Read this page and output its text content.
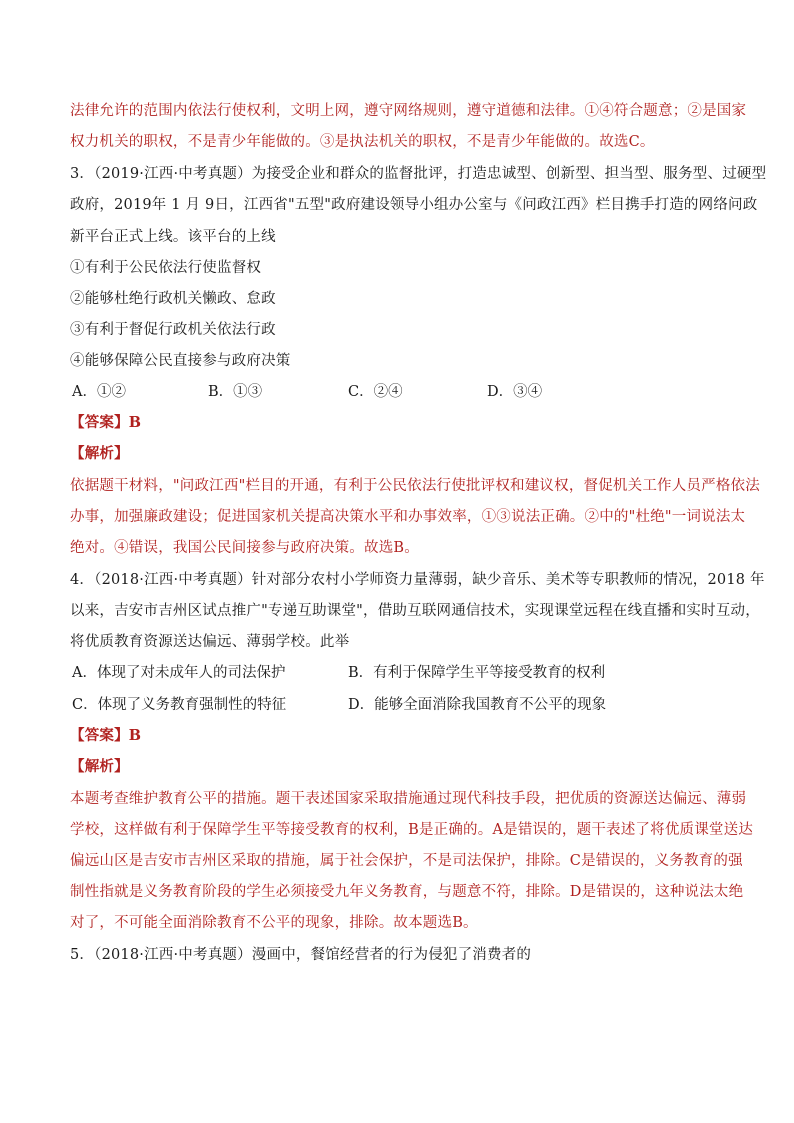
法律允许的范围内依法行使权利，文明上网，遵守网络规则，遵守道德和法律。①④符合题意；②是国家
权力机关的职权，不是青少年能做的。③是执法机关的职权，不是青少年能做的。故选C。
3．（2019·江西·中考真题）为接受企业和群众的监督批评，打造忠诚型、创新型、担当型、服务型、过硬型
政府，2019年 1 月 9日，江西省"五型"政府建设领导小组办公室与《问政江西》栏目携手打造的网络问政
新平台正式上线。该平台的上线
①有利于公民依法行使监督权
②能够杜绝行政机关懒政、怠政
③有利于督促行政机关依法行政
④能够保障公民直接参与政府决策
A．①②	B．①③	C．②④	D．③④
【答案】B
【解析】
依据题干材料，"问政江西"栏目的开通，有利于公民依法行使批评权和建议权，督促机关工作人员严格依法
办事，加强廉政建设；促进国家机关提高决策水平和办事效率，①③说法正确。②中的"杜绝"一词说法太
绝对。④错误，我国公民间接参与政府决策。故选B。
4．（2018·江西·中考真题）针对部分农村小学师资力量薄弱，缺少音乐、美术等专职教师的情况，2018 年
以来，吉安市吉州区试点推广"专递互助课堂"，借助互联网通信技术，实现课堂远程在线直播和实时互动，
将优质教育资源送达偏远、薄弱学校。此举
A．体现了对未成年人的司法保护	B．有利于保障学生平等接受教育的权利
C．体现了义务教育强制性的特征	D．能够全面消除我国教育不公平的现象
【答案】B
【解析】
本题考查维护教育公平的措施。题干表述国家采取措施通过现代科技手段，把优质的资源送达偏远、薄弱
学校，这样做有利于保障学生平等接受教育的权利，B是正确的。A是错误的，题干表述了将优质课堂送达
偏远山区是吉安市吉州区采取的措施，属于社会保护，不是司法保护，排除。C是错误的，义务教育的强
制性指就是义务教育阶段的学生必须接受九年义务教育，与题意不符，排除。D是错误的，这种说法太绝
对了，不可能全面消除教育不公平的现象，排除。故本题选B。
5．（2018·江西·中考真题）漫画中，餐馆经营者的行为侵犯了消费者的
